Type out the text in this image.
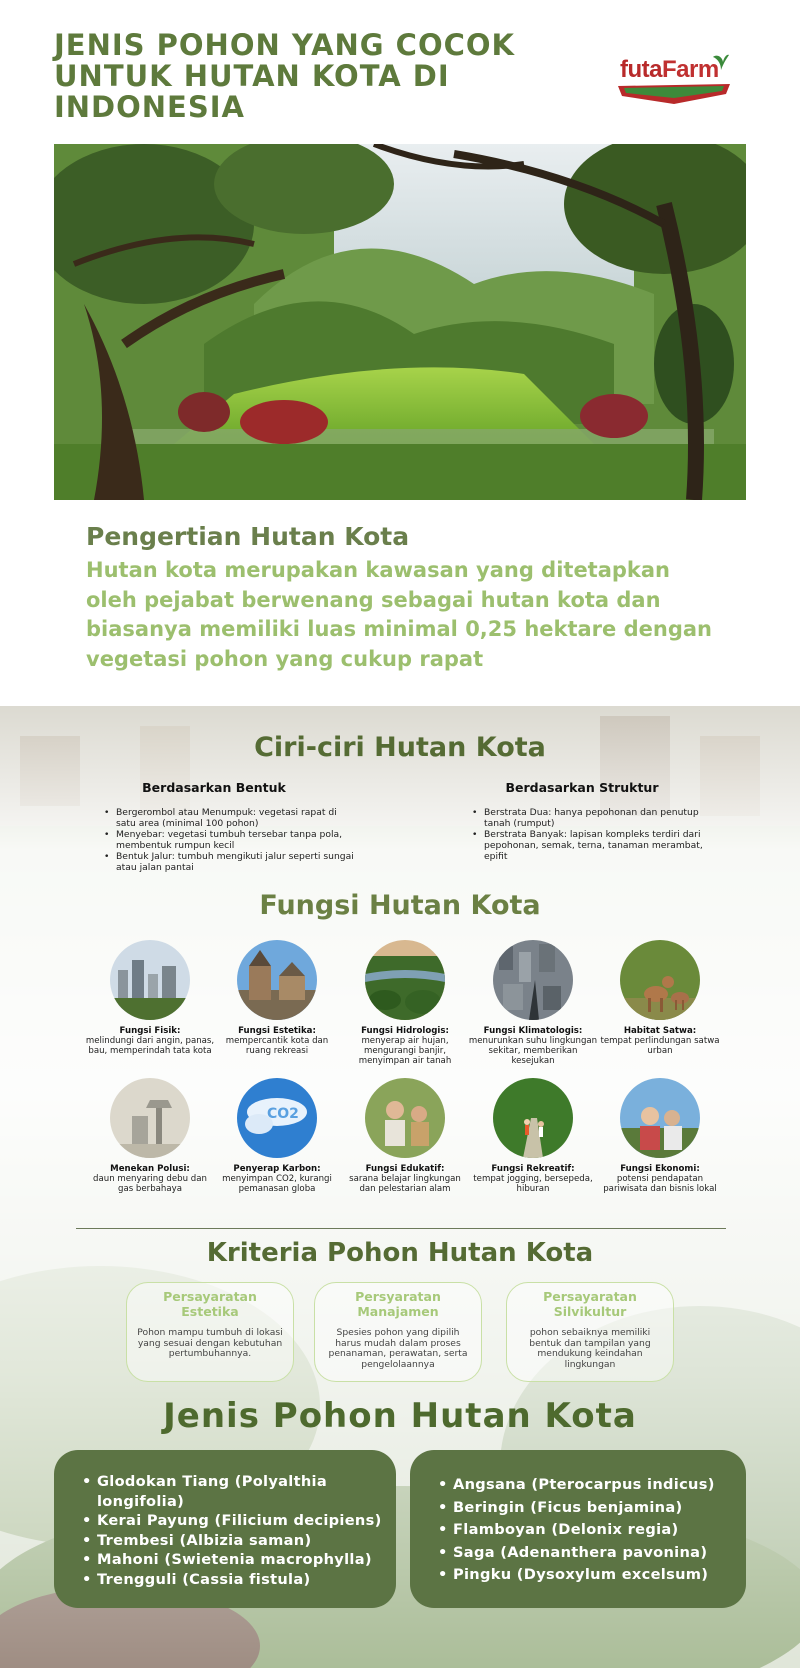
JENIS POHON YANG COCOK UNTUK HUTAN KOTA DI INDONESIA
futaFarm
Pengertian Hutan Kota

Hutan kota merupakan kawasan yang ditetapkan oleh pejabat berwenang sebagai hutan kota dan biasanya memiliki luas minimal 0,25 hektare dengan vegetasi pohon yang cukup rapat

Ciri-ciri Hutan Kota
Berdasarkan Bentuk
• Bergerombol atau Menumpuk: vegetasi rapat di satu area (minimal 100 pohon)
• Menyebar: vegetasi tumbuh tersebar tanpa pola, membentuk rumpun kecil
• Bentuk Jalur: tumbuh mengikuti jalur seperti sungai atau jalan pantai
Berdasarkan Struktur
• Berstrata Dua: hanya pepohonan dan penutup tanah (rumput)
• Berstrata Banyak: lapisan kompleks terdiri dari pepohonan, semak, terna, tanaman merambat, epifit
Fungsi Hutan Kota
Fungsi Fisik:
melindungi dari angin, panas, bau, memperindah tata kota
Fungsi Estetika:
mempercantik kota dan ruang rekreasi
Fungsi Hidrologis:
menyerap air hujan, mengurangi banjir, menyimpan air tanah
Fungsi Klimatologis:
menurunkan suhu lingkungan sekitar, memberikan kesejukan
Habitat Satwa:
tempat perlindungan satwa urban
Menekan Polusi:
daun menyaring debu dan gas berbahaya
CO2
Penyerap Karbon:
menyimpan CO2, kurangi pemanasan globa
Fungsi Edukatif:
sarana belajar lingkungan dan pelestarian alam
Fungsi Rekreatif:
tempat jogging, bersepeda, hiburan
Fungsi Ekonomi:
potensi pendapatan pariwisata dan bisnis lokal
Kriteria Pohon Hutan Kota
Persayaratan Estetika

Pohon mampu tumbuh di lokasi yang sesuai dengan kebutuhan pertumbuhannya.

Persyaratan Manajamen

Spesies pohon yang dipilih harus mudah dalam proses penanaman, perawatan, serta pengelolaannya

Persayaratan Silvikultur

pohon sebaiknya memiliki bentuk dan tampilan yang mendukung keindahan lingkungan

Jenis Pohon Hutan Kota
• Glodokan Tiang (Polyalthia longifolia)
• Kerai Payung (Filicium decipiens)
• Trembesi (Albizia saman)
• Mahoni (Swietenia macrophylla)
• Trengguli (Cassia fistula)
• Angsana (Pterocarpus indicus)
• Beringin (Ficus benjamina)
• Flamboyan (Delonix regia)
• Saga (Adenanthera pavonina)
• Pingku (Dysoxylum excelsum)
